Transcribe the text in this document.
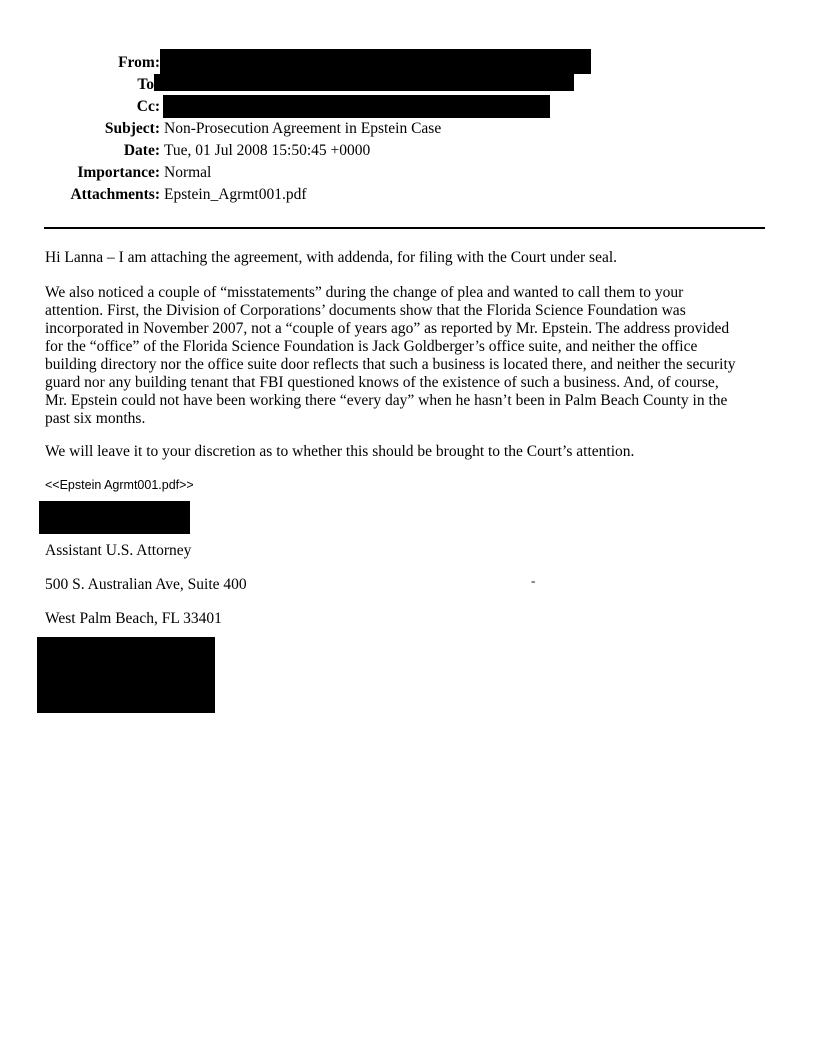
From:
To
Cc:
Subject: Non-Prosecution Agreement in Epstein Case
Date: Tue, 01 Jul 2008 15:50:45 +0000
Importance: Normal
Attachments: Epstein_Agrmt001.pdf

Hi Lanna – I am attaching the agreement, with addenda, for filing with the Court under seal.

We also noticed a couple of “misstatements” during the change of plea and wanted to call them to your
attention. First, the Division of Corporations’ documents show that the Florida Science Foundation was
incorporated in November 2007, not a “couple of years ago” as reported by Mr. Epstein. The address provided
for the “office” of the Florida Science Foundation is Jack Goldberger’s office suite, and neither the office
building directory nor the office suite door reflects that such a business is located there, and neither the security
guard nor any building tenant that FBI questioned knows of the existence of such a business. And, of course,
Mr. Epstein could not have been working there “every day” when he hasn’t been in Palm Beach County in the
past six months.

We will leave it to your discretion as to whether this should be brought to the Court’s attention.

<<Epstein Agrmt001.pdf>>
Assistant U.S. Attorney
500 S. Australian Ave, Suite 400	-
West Palm Beach, FL 33401
